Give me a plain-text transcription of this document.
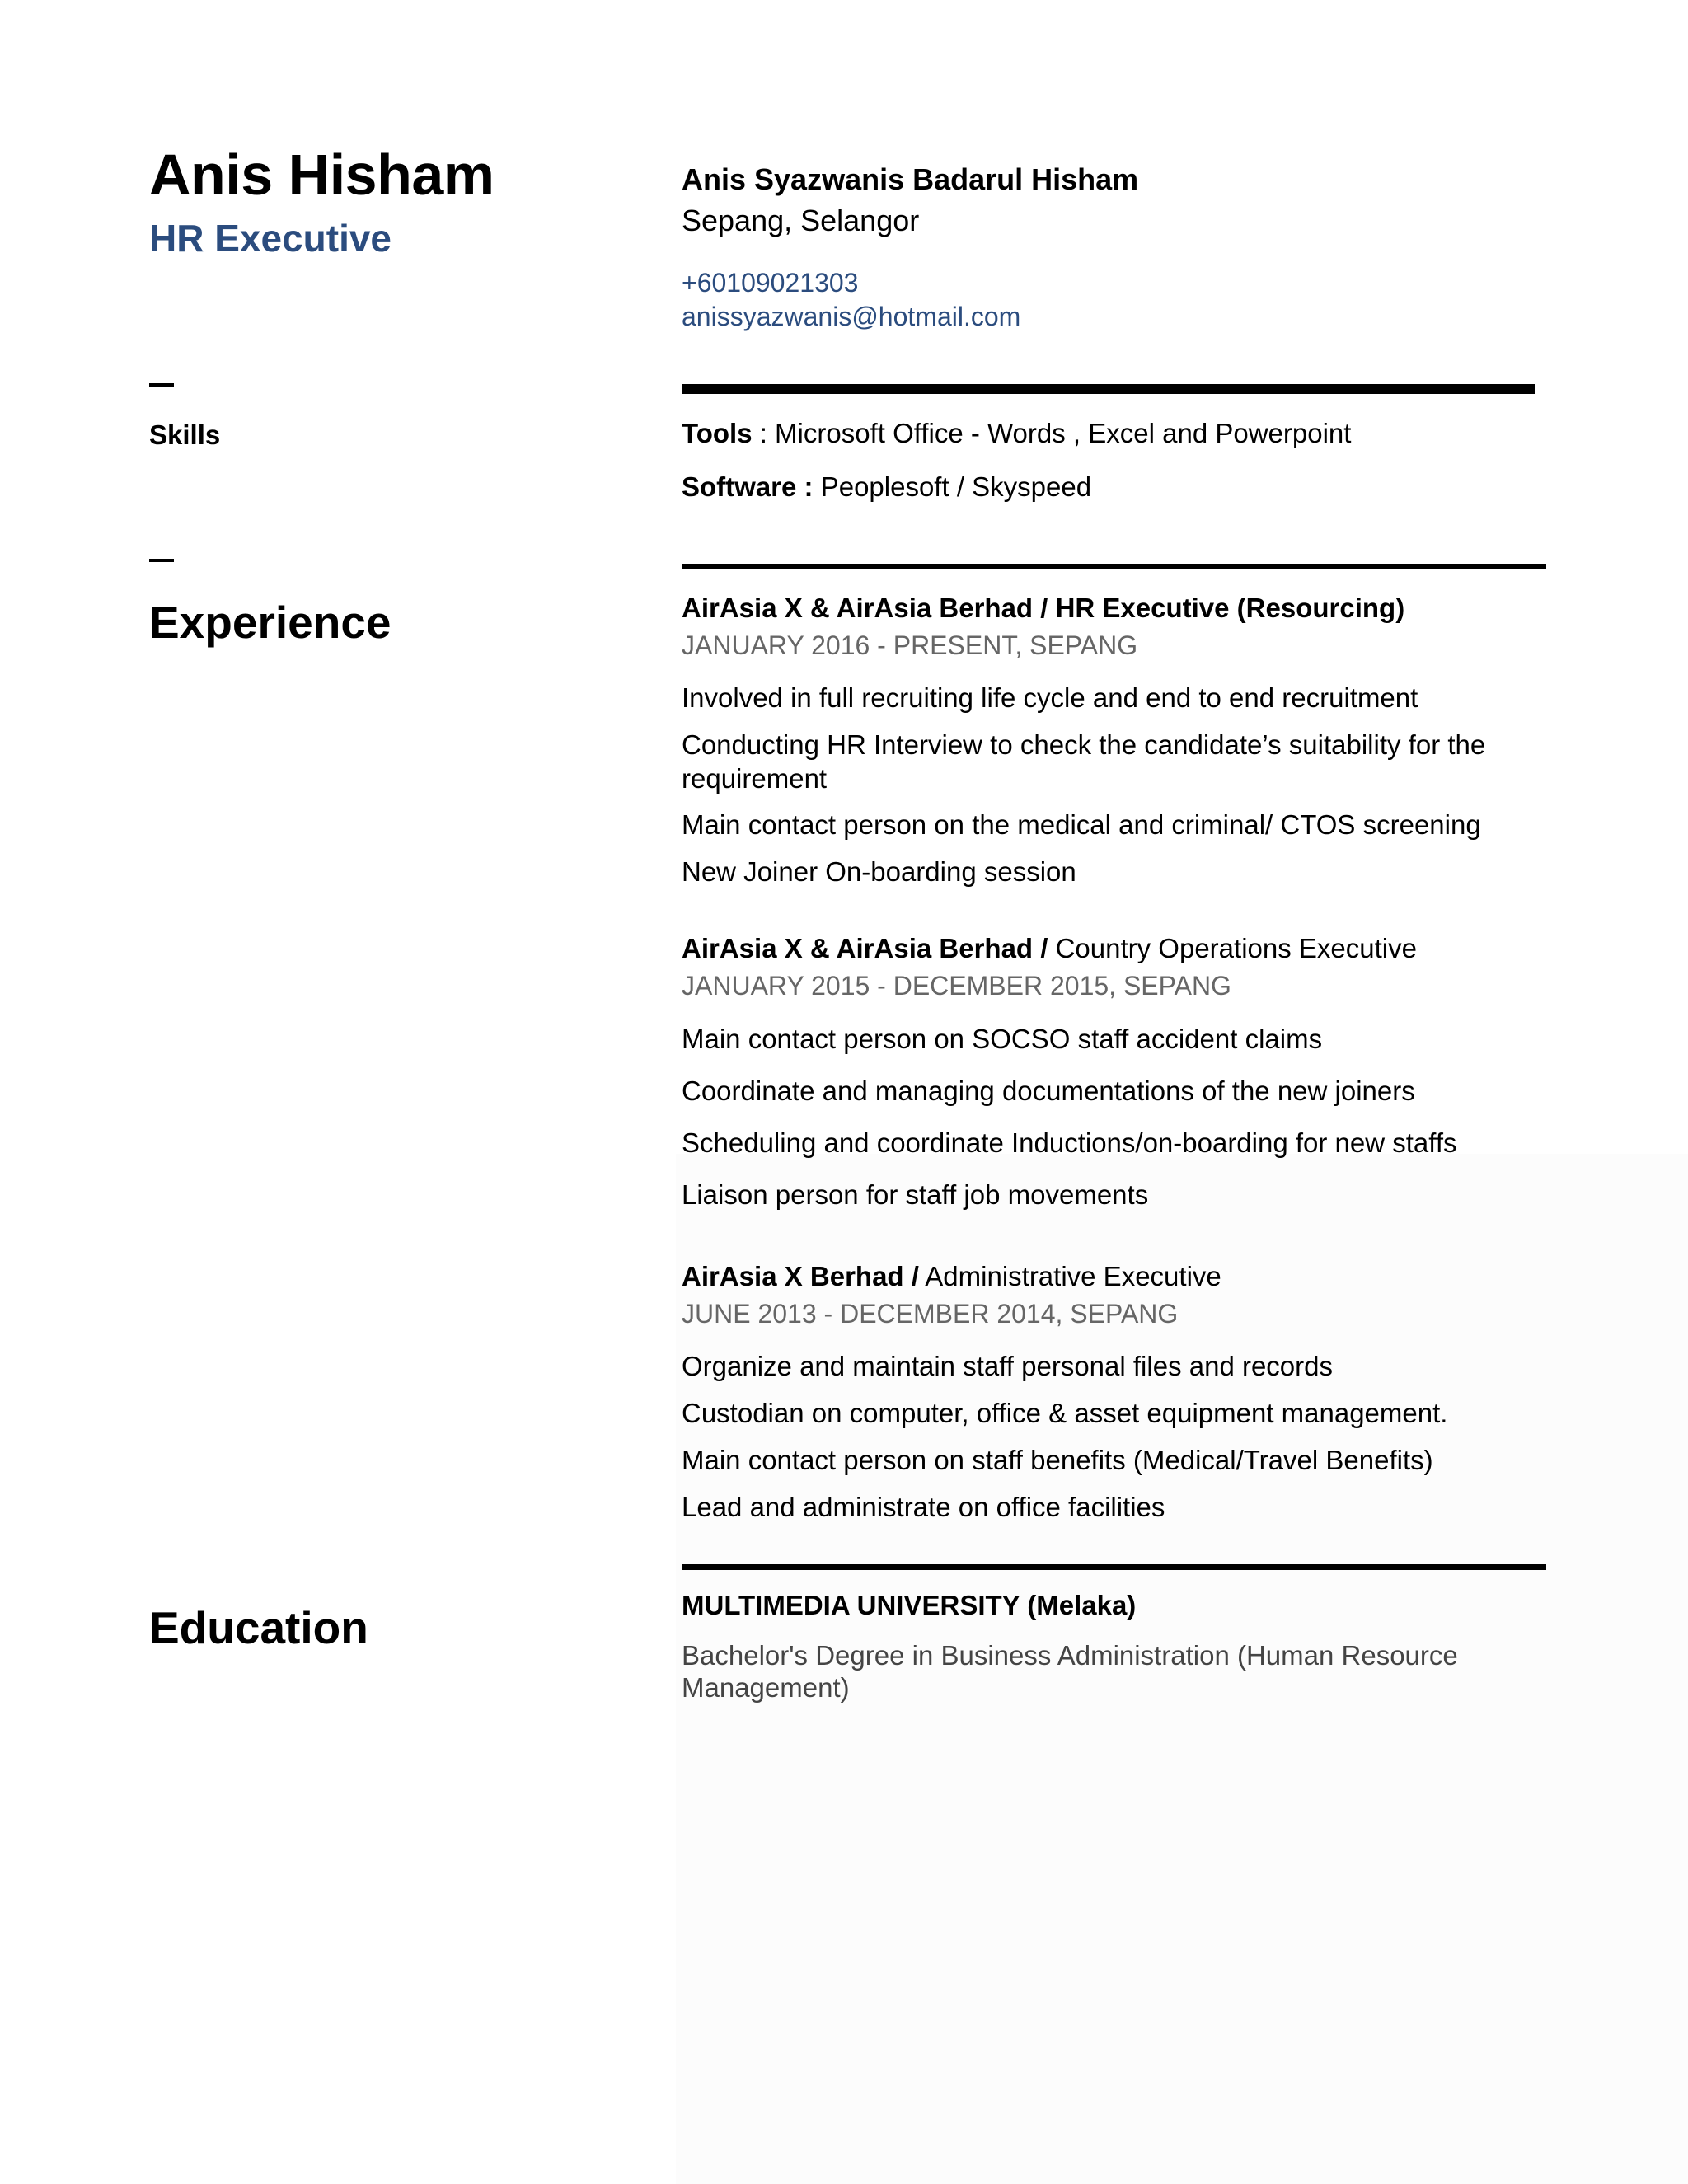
Anis Hisham
HR Executive
Skills
Experience
Education
Anis Syazwanis Badarul Hisham
Sepang, Selangor
+60109021303
anissyazwanis@hotmail.com
Tools : Microsoft Office - Words , Excel and Powerpoint
Software : Peoplesoft / Skyspeed
AirAsia X & AirAsia Berhad / HR Executive (Resourcing)
JANUARY 2016 - PRESENT, SEPANG
Involved in full recruiting life cycle and end to end recruitment
Conducting HR Interview to check the candidate’s suitability for the requirement
Main contact person on the medical and criminal/ CTOS screening
New Joiner On-boarding session
AirAsia X & AirAsia Berhad / Country Operations Executive
JANUARY 2015 - DECEMBER 2015, SEPANG
Main contact person on SOCSO staff accident claims
Coordinate and managing documentations of the new joiners
Scheduling and coordinate Inductions/on-boarding for new staffs
Liaison person for staff job movements
AirAsia X Berhad / Administrative Executive
JUNE 2013 - DECEMBER 2014, SEPANG
Organize and maintain staff personal files and records
Custodian on computer, office & asset equipment management.
Main contact person on staff benefits (Medical/Travel Benefits)
Lead and administrate on office facilities
MULTIMEDIA UNIVERSITY (Melaka)
Bachelor's Degree in Business Administration (Human Resource Management)
